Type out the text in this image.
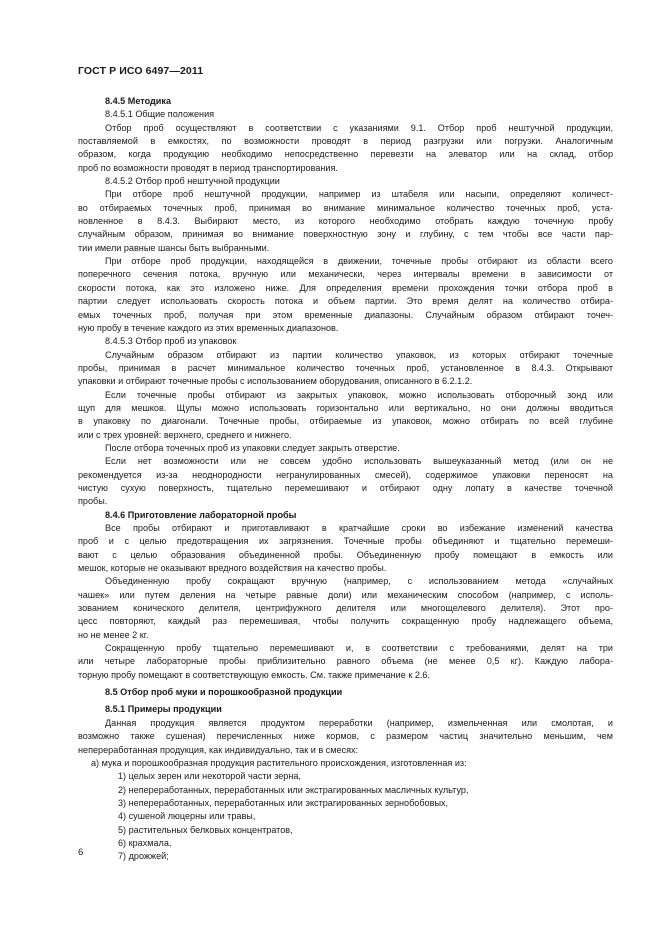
ГОСТ Р ИСО 6497—2011
8.4.5 Методика
8.4.5.1 Общие положения
Отбор проб осуществляют в соответствии с указаниями 9.1. Отбор проб нештучной продукции,
поставляемой в емкостях, по возможности проводят в период разгрузки или погрузки. Аналогичным
образом, когда продукцию необходимо непосредственно перевезти на элеватор или на склад, отбор
проб по возможности проводят в период транспортирования.
8.4.5.2 Отбор проб нештучной продукции
При отборе проб нештучной продукции, например из штабеля или насыпи, определяют количест-
во отбираемых точечных проб, принимая во внимание минимальное количество точечных проб, уста-
новленное в 8.4.3. Выбирают место, из которого необходимо отобрать каждую точечную пробу
случайным образом, принимая во внимание поверхностную зону и глубину, с тем чтобы все части пар-
тии имели равные шансы быть выбранными.
При отборе проб продукции, находящейся в движении, точечные пробы отбирают из области всего
поперечного сечения потока, вручную или механически, через интервалы времени в зависимости от
скорости потока, как это изложено ниже. Для определения времени прохождения точки отбора проб в
партии следует использовать скорость потока и объем партии. Это время делят на количество отбира-
емых точечных проб, получая при этом временные диапазоны. Случайным образом отбирают точеч-
ную пробу в течение каждого из этих временных диапазонов.
8.4.5.3 Отбор проб из упаковок
Случайным образом отбирают из партии количество упаковок, из которых отбирают точечные
пробы, принимая в расчет минимальное количество точечных проб, установленное в 8.4.3. Открывают
упаковки и отбирают точечные пробы с использованием оборудования, описанного в 6.2.1.2.
Если точечные пробы отбирают из закрытых упаковок, можно использовать отборочный зонд или
щуп для мешков. Щупы можно использовать горизонтально или вертикально, но они должны вводиться
в упаковку по диагонали. Точечные пробы, отбираемые из упаковок, можно отбирать по всей глубине
или с трех уровней: верхнего, среднего и нижнего.
После отбора точечных проб из упаковки следует закрыть отверстие.
Если нет возможности или не совсем удобно использовать вышеуказанный метод (или он не
рекомендуется из-за неоднородности негранулированных смесей), содержимое упаковки переносят на
чистую сухую поверхность, тщательно перемешивают и отбирают одну лопату в качестве точечной
пробы.
8.4.6 Приготовление лабораторной пробы
Все пробы отбирают и приготавливают в кратчайшие сроки во избежание изменений качества
проб и с целью предотвращения их загрязнения. Точечные пробы объединяют и тщательно перемеши-
вают с целью образования объединенной пробы. Объединенную пробу помещают в емкость или
мешок, которые не оказывают вредного воздействия на качество пробы.
Объединенную пробу сокращают вручную (например, с использованием метода «случайных
чашек» или путем деления на четыре равные доли) или механическим способом (например, с исполь-
зованием конического делителя, центрифужного делителя или многощелевого делителя). Этот про-
цесс повторяют, каждый раз перемешивая, чтобы получить сокращенную пробу надлежащего объема,
но не менее 2 кг.
Сокращенную пробу тщательно перемешивают и, в соответствии с требованиями, делят на три
или четыре лабораторные пробы приблизительно равного объема (не менее 0,5 кг). Каждую лабора-
торную пробу помещают в соответствующую емкость. См. также примечание к 2.6.
8.5 Отбор проб муки и порошкообразной продукции
8.5.1 Примеры продукции
Данная продукция является продуктом переработки (например, измельченная или смолотая, и
возможно также сушеная) перечисленных ниже кормов, с размером частиц значительно меньшим, чем
непереработанная продукция, как индивидуально, так и в смесях:
а) мука и порошкообразная продукция растительного происхождения, изготовленная из:
1) целых зерен или некоторой части зерна,
2) непереработанных, переработанных или экстрагированных масличных культур,
3) непереработанных, переработанных или экстрагированных зернобобовых,
4) сушеной люцерны или травы,
5) растительных белковых концентратов,
6) крахмала,
7) дрожжей;
6
